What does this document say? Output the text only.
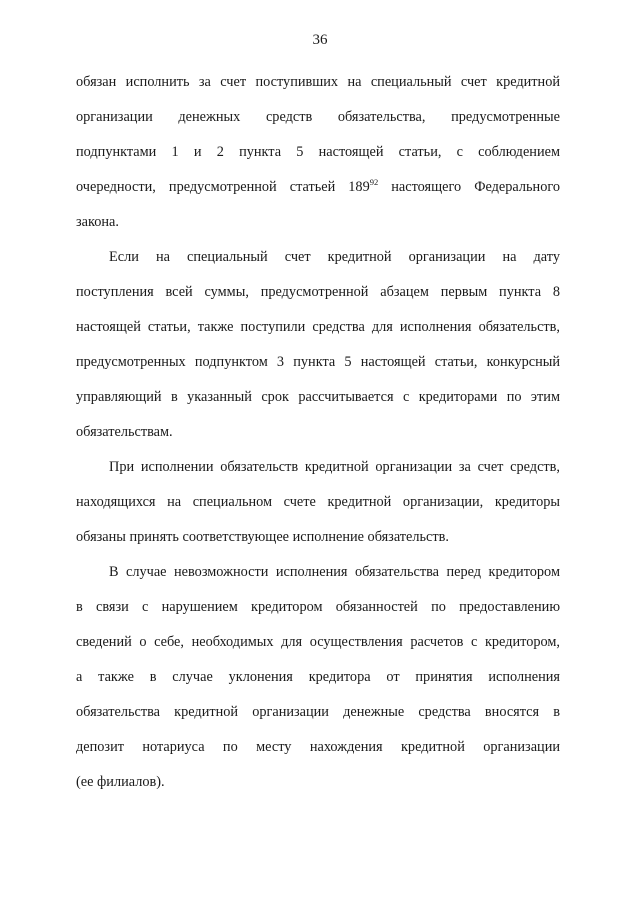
36
обязан исполнить за счет поступивших на специальный счет кредитной
организации денежных средств обязательства, предусмотренные
подпунктами 1 и 2 пункта 5 настоящей статьи, с соблюдением
очередности, предусмотренной статьей $189^{92}$ настоящего Федерального
закона.
Если на специальный счет кредитной организации на дату
поступления всей суммы, предусмотренной абзацем первым пункта 8
настоящей статьи, также поступили средства для исполнения обязательств,
предусмотренных подпунктом 3 пункта 5 настоящей статьи, конкурсный
управляющий в указанный срок рассчитывается с кредиторами по этим
обязательствам.
При исполнении обязательств кредитной организации за счет средств,
находящихся на специальном счете кредитной организации, кредиторы
обязаны принять соответствующее исполнение обязательств.
В случае невозможности исполнения обязательства перед кредитором
в связи с нарушением кредитором обязанностей по предоставлению
сведений о себе, необходимых для осуществления расчетов с кредитором,
а также в случае уклонения кредитора от принятия исполнения
обязательства кредитной организации денежные средства вносятся в
депозит нотариуса по месту нахождения кредитной организации
(ее филиалов).
